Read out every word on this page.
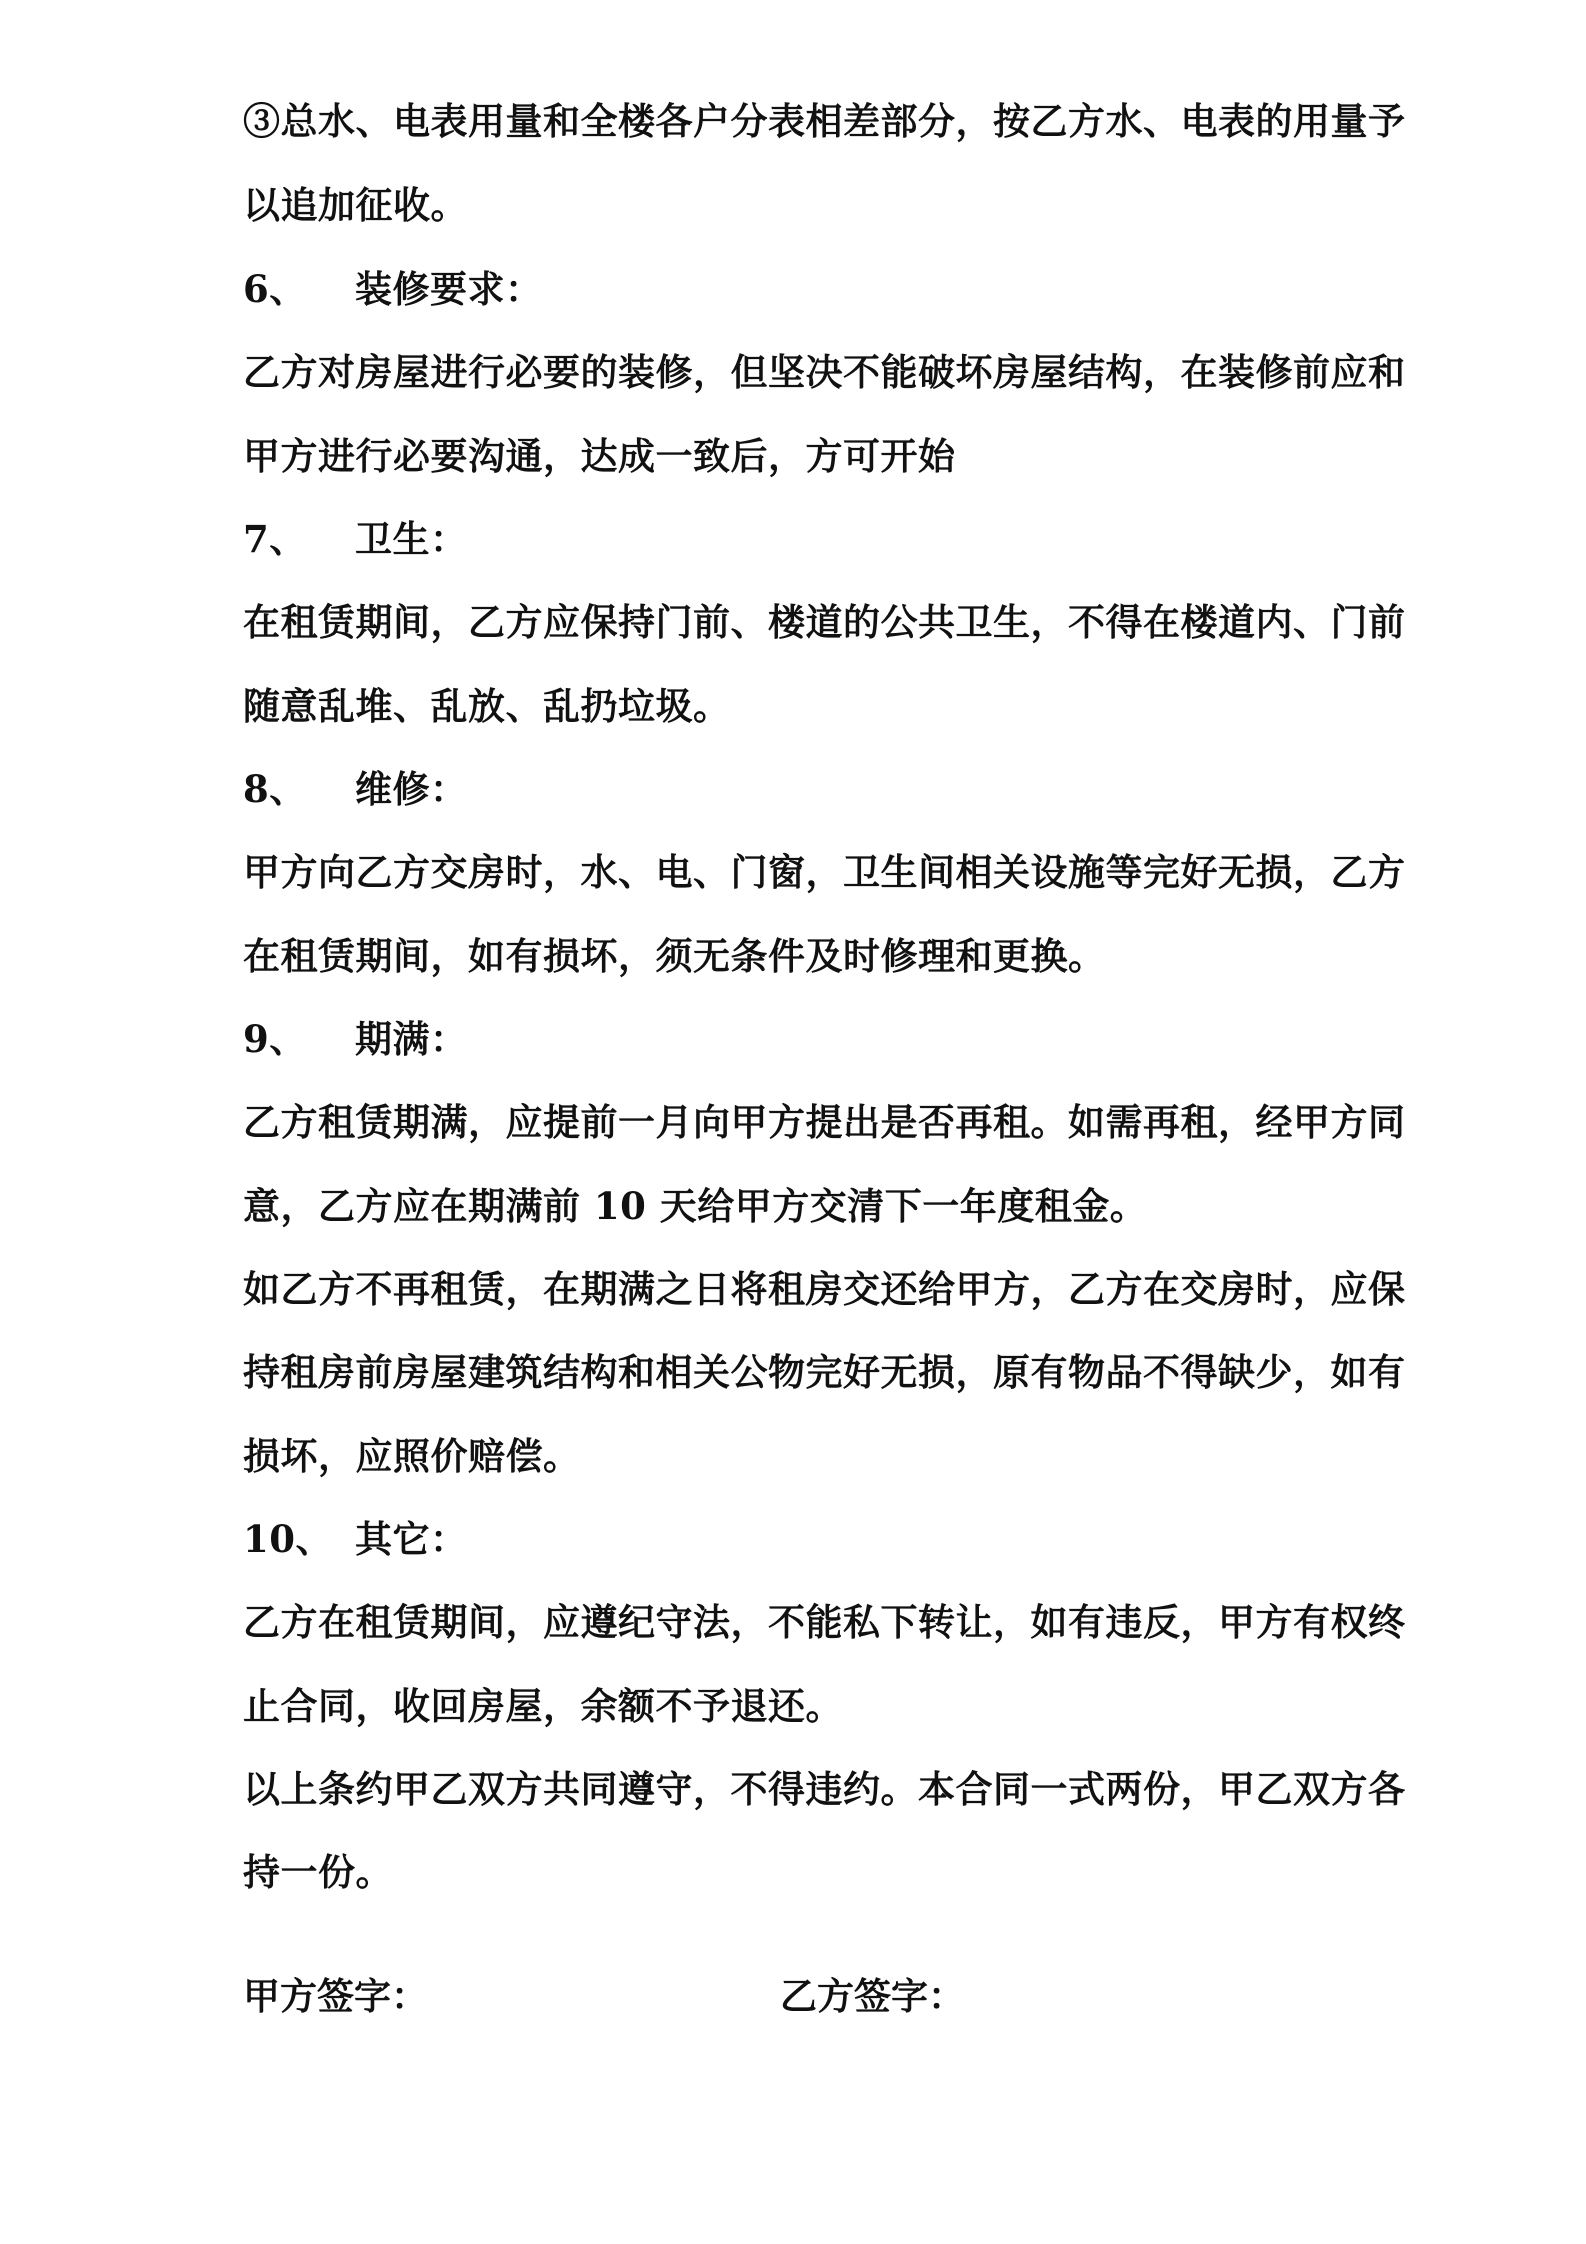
③总水、电表用量和全楼各户分表相差部分，按乙方水、电表的用量予
以追加征收。
6、 装修要求：
乙方对房屋进行必要的装修，但坚决不能破坏房屋结构，在装修前应和
甲方进行必要沟通，达成一致后，方可开始
7、 卫生：
在租赁期间，乙方应保持门前、楼道的公共卫生，不得在楼道内、门前
随意乱堆、乱放、乱扔垃圾。
8、 维修：
甲方向乙方交房时，水、电、门窗，卫生间相关设施等完好无损，乙方
在租赁期间，如有损坏，须无条件及时修理和更换。
9、 期满：
乙方租赁期满，应提前一月向甲方提出是否再租。如需再租，经甲方同
意，乙方应在期满前 10 天给甲方交清下一年度租金。
如乙方不再租赁，在期满之日将租房交还给甲方，乙方在交房时，应保
持租房前房屋建筑结构和相关公物完好无损，原有物品不得缺少，如有
损坏，应照价赔偿。
10、 其它：
乙方在租赁期间，应遵纪守法，不能私下转让，如有违反，甲方有权终
止合同，收回房屋，余额不予退还。
以上条约甲乙双方共同遵守，不得违约。本合同一式两份，甲乙双方各
持一份。
甲方签字：	乙方签字：
